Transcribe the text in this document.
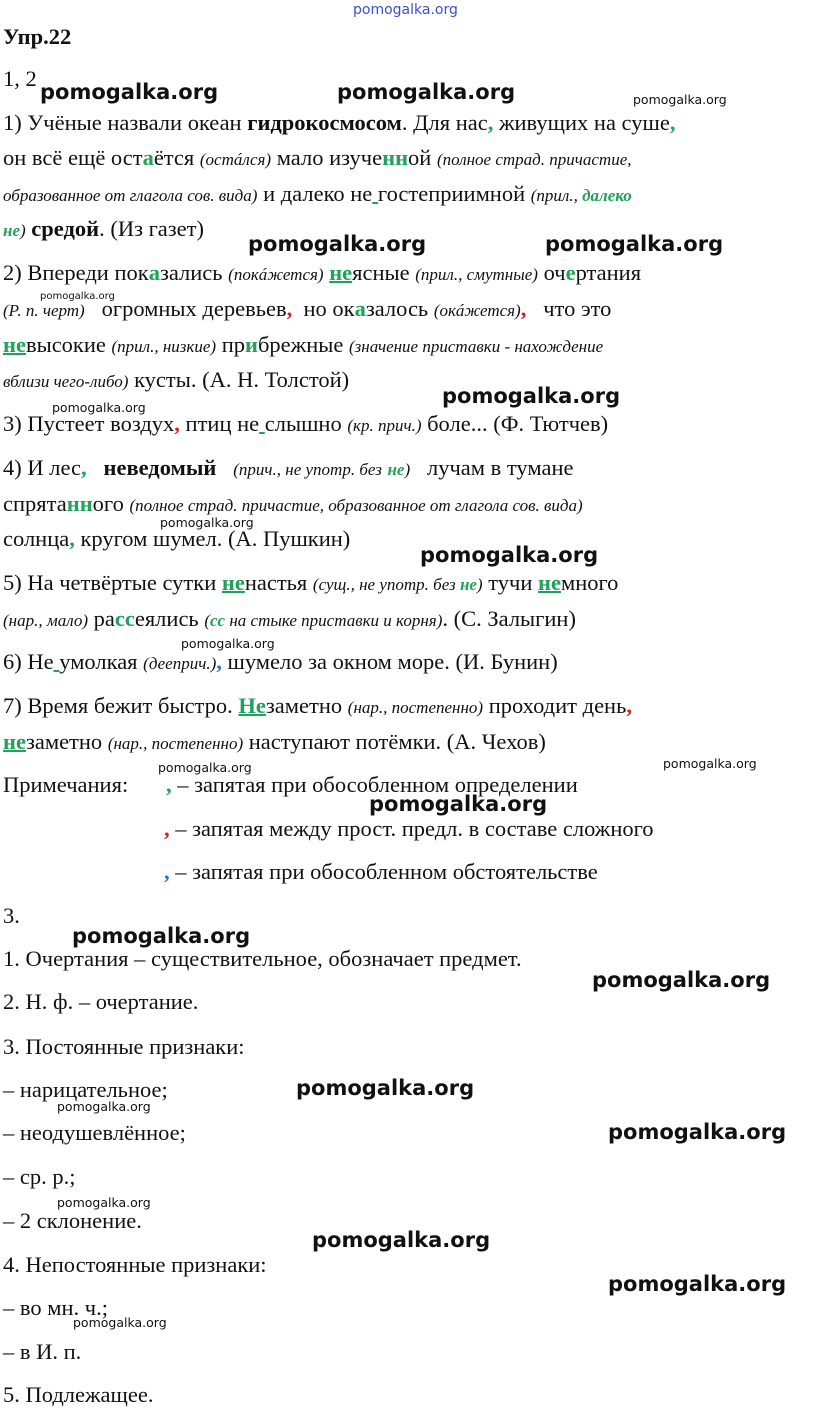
pomogalka.org
pomogalka.org	pomogalka.org	pomogalka.org
pomogalka.org	pomogalka.org
pomogalka.org
pomogalka.org
pomogalka.org
pomogalka.org
pomogalka.org
pomogalka.org
pomogalka.org	pomogalka.org
pomogalka.org
pomogalka.org
pomogalka.org
pomogalka.org
pomogalka.org
pomogalka.org
pomogalka.org
pomogalka.org
pomogalka.org
pomogalka.org
Упр.22
1, 2
1) Учёные назвали океан гидрокосмосом. Для нас, живущих на суше,
он всё ещё остаётся (остáлся) мало изученной (полное страд. причастие,
образованное от глагола сов. вида) и далеко не гостеприимной (прил., далеко
не) средой. (Из газет)
2) Впереди показались (покáжется) неясные (прил., смутные) очертания
(Р. п. черт) огромных деревьев, но оказалось (окáжется), что это
невысокие (прил., низкие) прибрежные (значение приставки - нахождение
вблизи чего-либо) кусты. (А. Н. Толстой)
3) Пустеет воздух, птиц не слышно (кр. прич.) боле... (Ф. Тютчев)
4) И лес, неведомый (прич., не употр. без не) лучам в тумане
спрятанного (полное страд. причастие, образованное от глагола сов. вида)
солнца, кругом шумел. (А. Пушкин)
5) На четвёртые сутки ненастья (сущ., не употр. без не) тучи немного
(нар., мало) рассеялись (сс на стыке приставки и корня). (С. Залыгин)
6) Не умолкая (дееприч.), шумело за окном море. (И. Бунин)
7) Время бежит быстро. Незаметно (нар., постепенно) проходит день,
незаметно (нар., постепенно) наступают потёмки. (А. Чехов)
Примечания: , – запятая при обособленном определении
, – запятая между прост. предл. в составе сложного
, – запятая при обособленном обстоятельстве
3.
1. Очертания – существительное, обозначает предмет.
2. Н. ф. – очертание.
3. Постоянные признаки:
– нарицательное;
– неодушевлённое;
– ср. р.;
– 2 склонение.
4. Непостоянные признаки:
– во мн. ч.;
– в И. п.
5. Подлежащее.
